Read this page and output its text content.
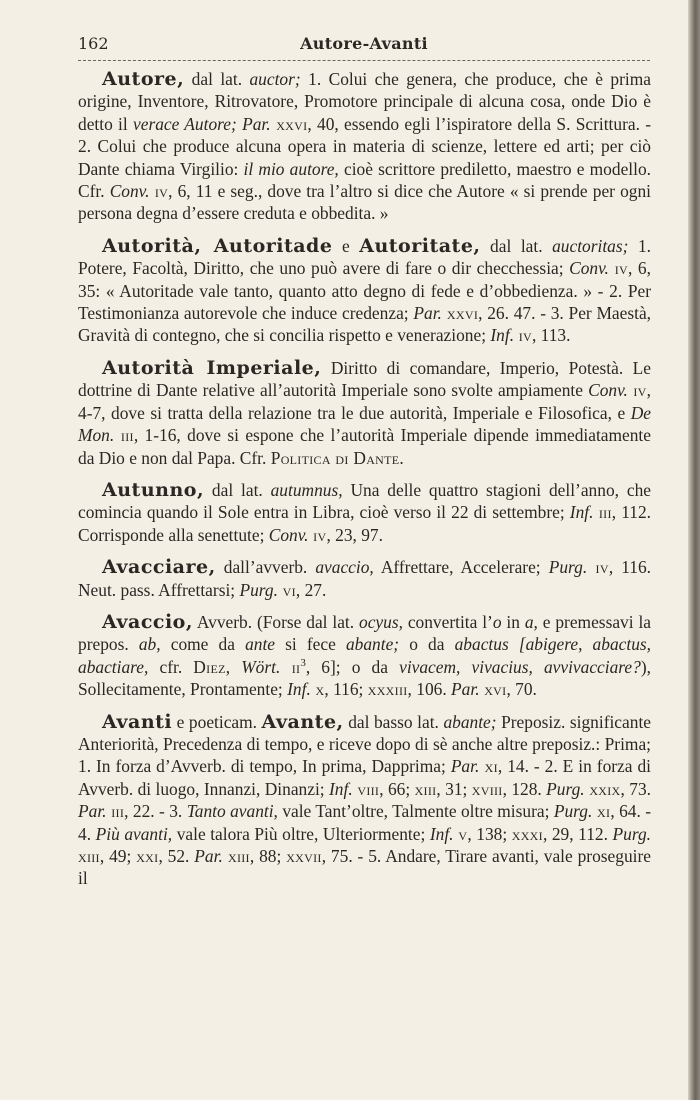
162	Autore-Avanti

Autore, dal lat. auctor; 1. Colui che genera, che produce, che è prima origine, Inventore, Ritrovatore, Promotore principale di alcuna cosa, onde Dio è detto il verace Autore; Par. xxvi, 40, essendo egli l’ispiratore della S. Scrittura. - 2. Colui che produce alcuna opera in materia di scienze, lettere ed arti; per ciò Dante chiama Virgilio: il mio autore, cioè scrittore prediletto, maestro e modello. Cfr. Conv. iv, 6, 11 e seg., dove tra l’altro si dice che Autore « si prende per ogni persona degna d’essere creduta e obbedita. »

Autorità, Autoritade e Autoritate, dal lat. auctoritas; 1. Potere, Facoltà, Diritto, che uno può avere di fare o dir checchessia; Conv. iv, 6, 35: « Autoritade vale tanto, quanto atto degno di fede e d’obbedienza. » - 2. Per Testimonianza autorevole che induce credenza; Par. xxvi, 26. 47. - 3. Per Maestà, Gravità di contegno, che si concilia rispetto e venerazione; Inf. iv, 113.

Autorità Imperiale, Diritto di comandare, Imperio, Potestà. Le dottrine di Dante relative all’autorità Imperiale sono svolte ampiamente Conv. iv, 4-7, dove si tratta della relazione tra le due autorità, Imperiale e Filosofica, e De Mon. iii, 1-16, dove si espone che l’autorità Imperiale dipende immediatamente da Dio e non dal Papa. Cfr. Politica di Dante.

Autunno, dal lat. autumnus, Una delle quattro stagioni dell’anno, che comincia quando il Sole entra in Libra, cioè verso il 22 di settembre; Inf. iii, 112. Corrisponde alla senettute; Conv. iv, 23, 97.

Avacciare, dall’avverb. avaccio, Affrettare, Accelerare; Purg. iv, 116. Neut. pass. Affrettarsi; Purg. vi, 27.

Avaccio, Avverb. (Forse dal lat. ocyus, convertita l’o in a, e premessavi la prepos. ab, come da ante si fece abante; o da abactus [abigere, abactus, abactiare, cfr. Diez, Wört. $ii^3$, 6]; o da vivacem, vivacius, avvivacciare?), Sollecitamente, Prontamente; Inf. x, 116; xxxiii, 106. Par. xvi, 70.

Avanti e poeticam. Avante, dal basso lat. abante; Preposiz. significante Anteriorità, Precedenza di tempo, e riceve dopo di sè anche altre preposiz.: Prima; 1. In forza d’Avverb. di tempo, In prima, Dapprima; Par. xi, 14. - 2. E in forza di Avverb. di luogo, Innanzi, Dinanzi; Inf. viii, 66; xiii, 31; xviii, 128. Purg. xxix, 73. Par. iii, 22. - 3. Tanto avanti, vale Tant’oltre, Talmente oltre misura; Purg. xi, 64. - 4. Più avanti, vale talora Più oltre, Ulteriormente; Inf. v, 138; xxxi, 29, 112. Purg. xiii, 49; xxi, 52. Par. xiii, 88; xxvii, 75. - 5. Andare, Tirare avanti, vale proseguire il
